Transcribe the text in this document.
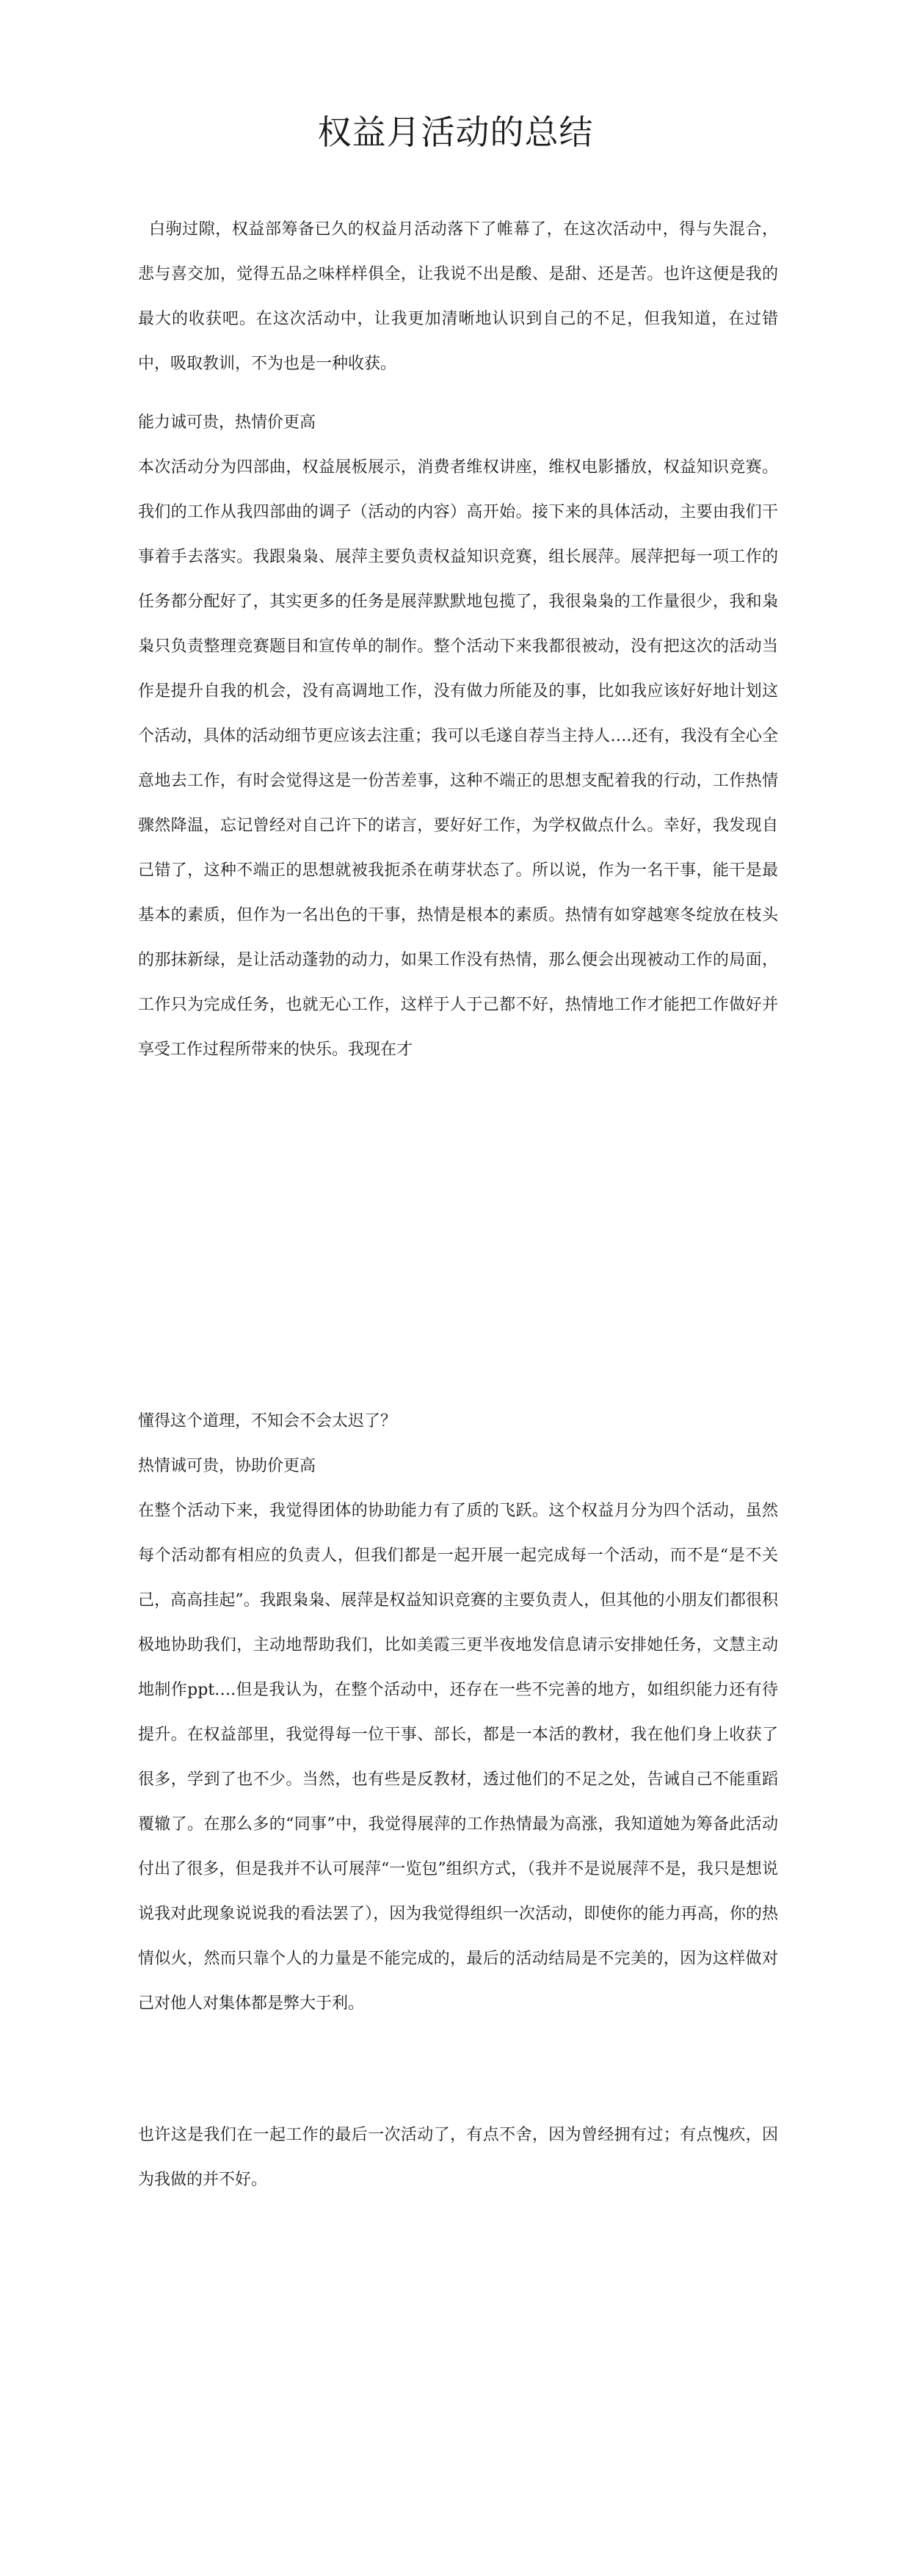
权益月活动的总结

白驹过隙，权益部筹备已久的权益月活动落下了帷幕了，在这次活动中，得与失混合，悲与喜交加，觉得五品之味样样俱全，让我说不出是酸、是甜、还是苦。也许这便是我的最大的收获吧。在这次活动中，让我更加清晰地认识到自己的不足，但我知道，在过错中，吸取教训，不为也是一种收获。

能力诚可贵，热情价更高

本次活动分为四部曲，权益展板展示，消费者维权讲座，维权电影播放，权益知识竞赛。我们的工作从我四部曲的调子（活动的内容）高开始。接下来的具体活动，主要由我们干事着手去落实。我跟枭枭、展萍主要负责权益知识竞赛，组长展萍。展萍把每一项工作的任务都分配好了，其实更多的任务是展萍默默地包揽了，我很枭枭的工作量很少，我和枭枭只负责整理竞赛题目和宣传单的制作。整个活动下来我都很被动，没有把这次的活动当作是提升自我的机会，没有高调地工作，没有做力所能及的事，比如我应该好好地计划这个活动，具体的活动细节更应该去注重；我可以毛遂自荐当主持人….还有，我没有全心全意地去工作，有时会觉得这是一份苦差事，这种不端正的思想支配着我的行动，工作热情骤然降温，忘记曾经对自己许下的诺言，要好好工作，为学权做点什么。幸好，我发现自己错了，这种不端正的思想就被我扼杀在萌芽状态了。所以说，作为一名干事，能干是最基本的素质，但作为一名出色的干事，热情是根本的素质。热情有如穿越寒冬绽放在枝头的那抹新绿，是让活动蓬勃的动力，如果工作没有热情，那么便会出现被动工作的局面，工作只为完成任务，也就无心工作，这样于人于己都不好，热情地工作才能把工作做好并享受工作过程所带来的快乐。我现在才

懂得这个道理，不知会不会太迟了？

热情诚可贵，协助价更高

在整个活动下来，我觉得团体的协助能力有了质的飞跃。这个权益月分为四个活动，虽然每个活动都有相应的负责人，但我们都是一起开展一起完成每一个活动，而不是“是不关己，高高挂起”。我跟枭枭、展萍是权益知识竞赛的主要负责人，但其他的小朋友们都很积极地协助我们，主动地帮助我们，比如美霞三更半夜地发信息请示安排她任务，文慧主动地制作ppt….但是我认为，在整个活动中，还存在一些不完善的地方，如组织能力还有待提升。在权益部里，我觉得每一位干事、部长，都是一本活的教材，我在他们身上收获了很多，学到了也不少。当然，也有些是反教材，透过他们的不足之处，告诫自己不能重蹈覆辙了。在那么多的“同事”中，我觉得展萍的工作热情最为高涨，我知道她为筹备此活动付出了很多，但是我并不认可展萍“一览包”组织方式，（我并不是说展萍不是，我只是想说说我对此现象说说我的看法罢了），因为我觉得组织一次活动，即使你的能力再高，你的热情似火，然而只靠个人的力量是不能完成的，最后的活动结局是不完美的，因为这样做对己对他人对集体都是弊大于利。

也许这是我们在一起工作的最后一次活动了，有点不舍，因为曾经拥有过；有点愧疚，因为我做的并不好。
